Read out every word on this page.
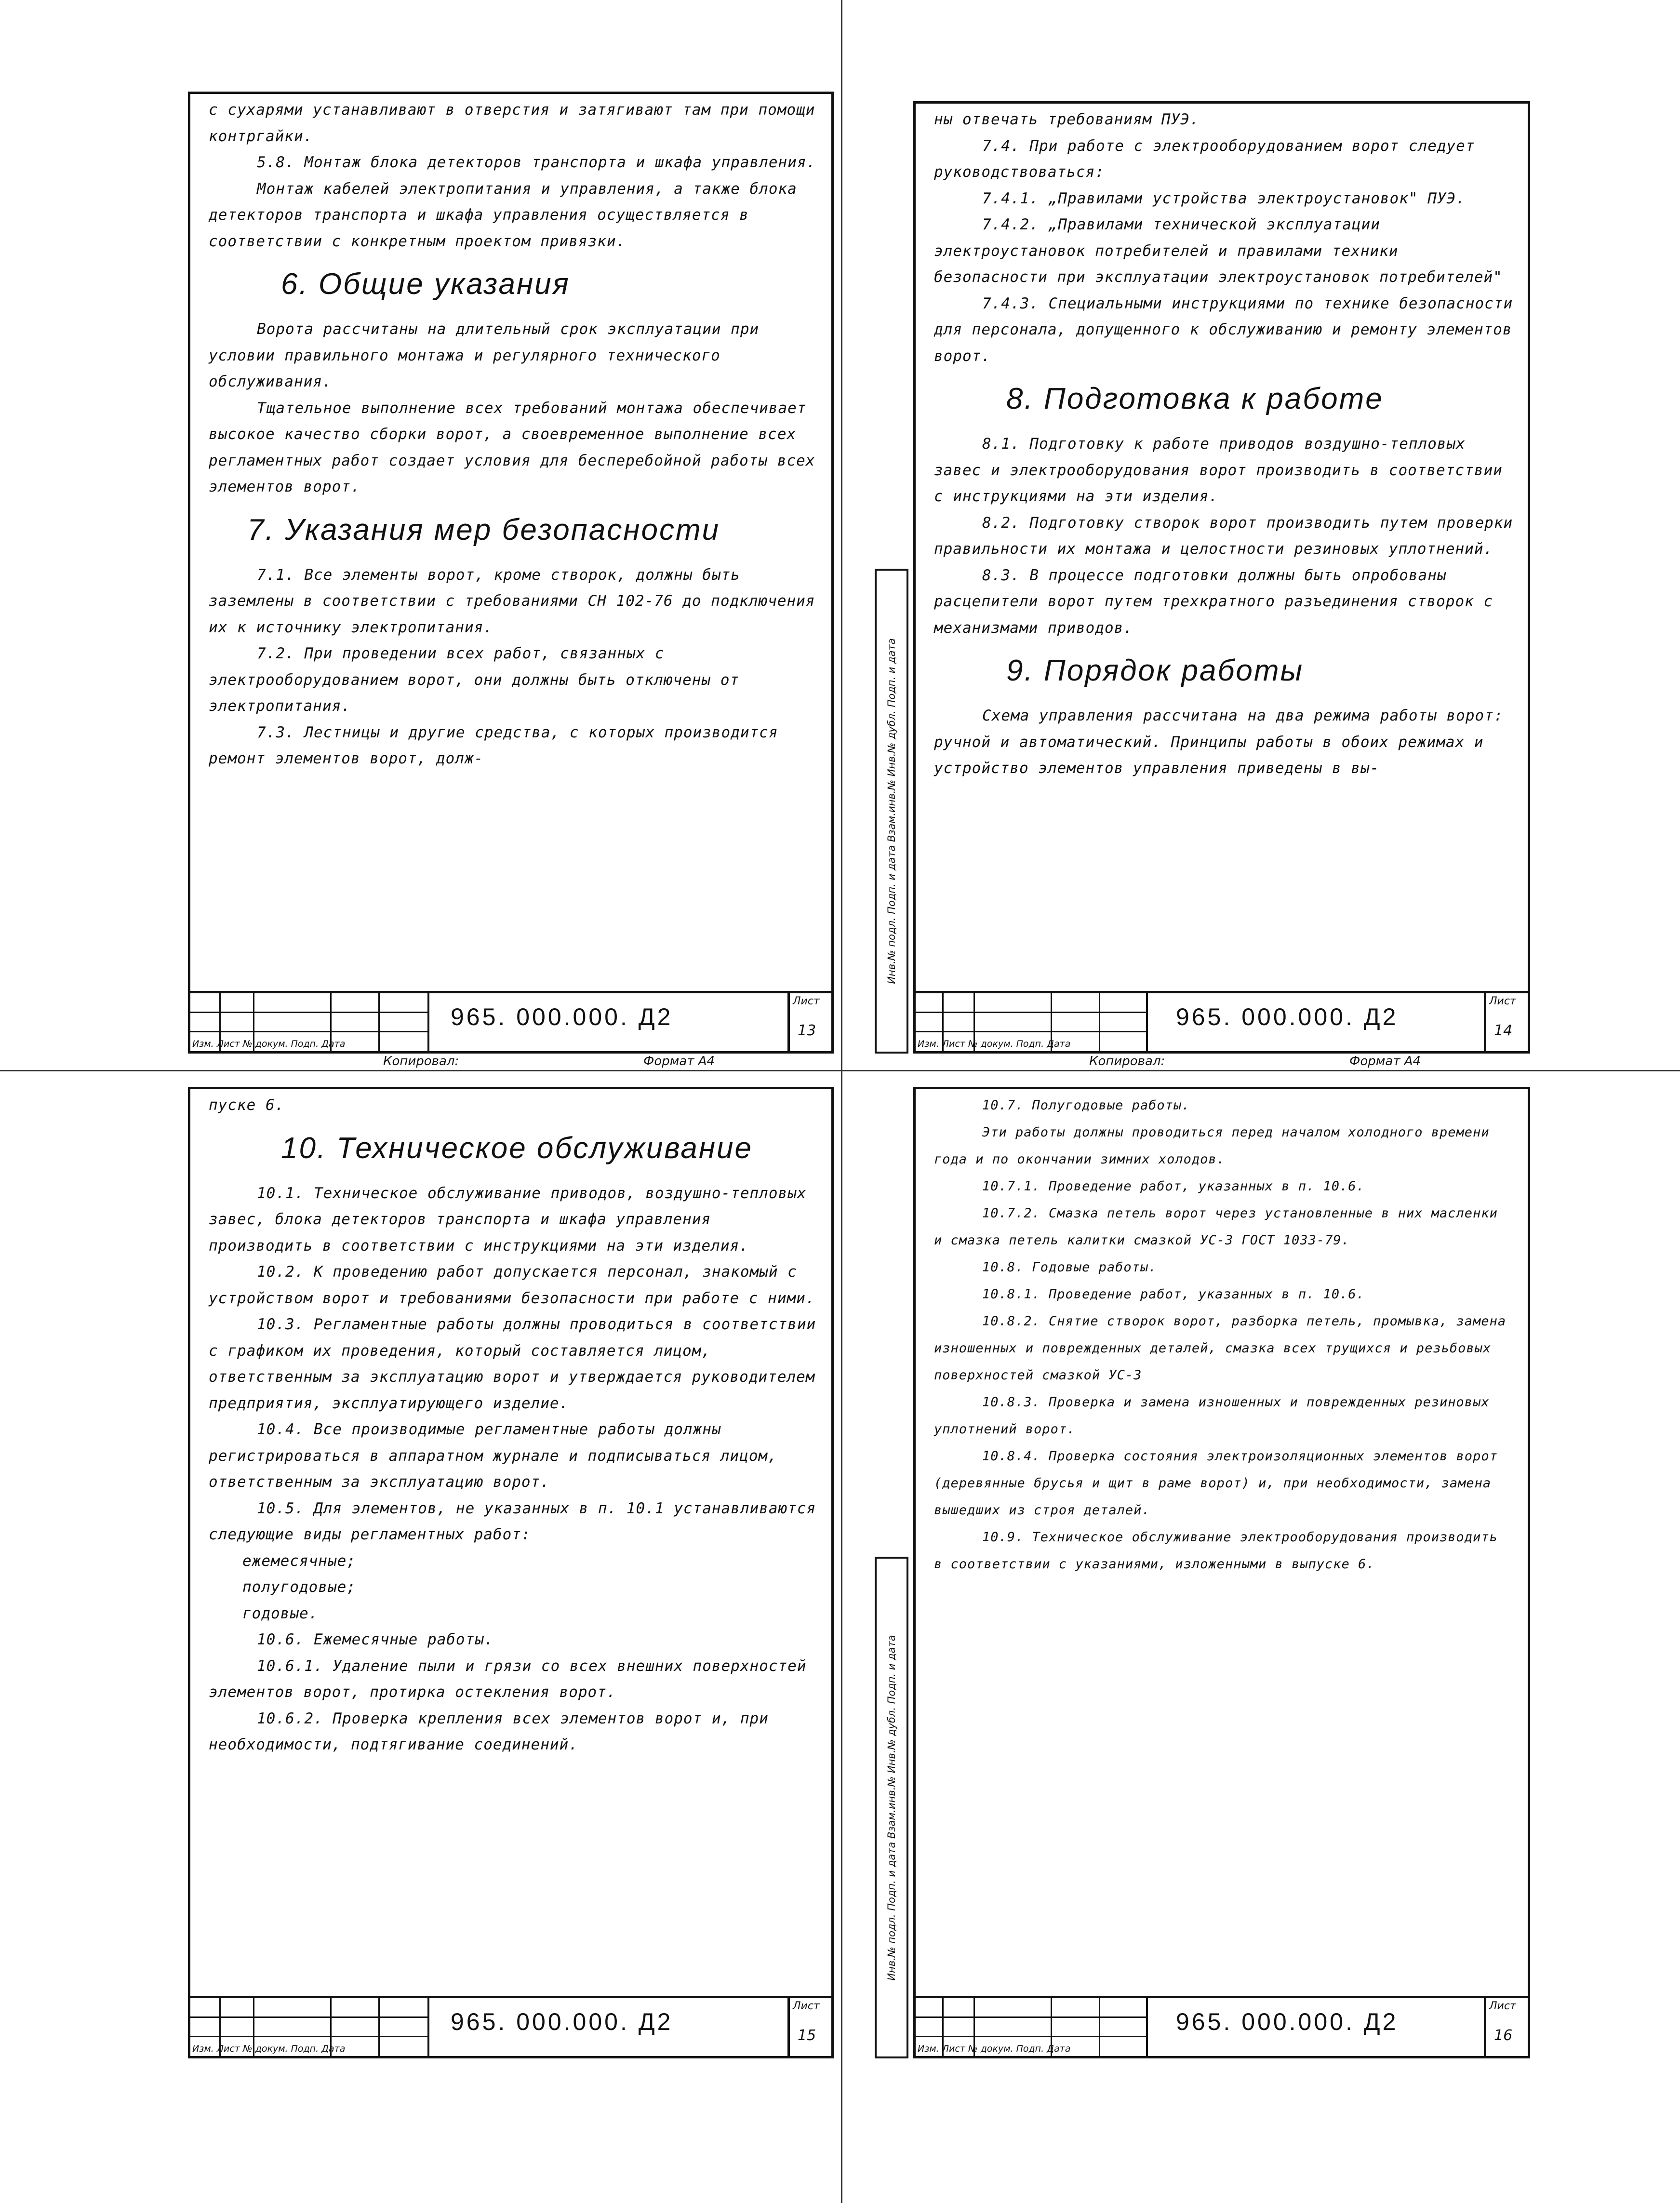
с сухарями устанавливают в отверстия и затягивают там при помощи контргайки.

5.8. Монтаж блока детекторов транспорта и шкафа управления.

Монтаж кабелей электропитания и управления, а также блока детекторов транспорта и шкафа управления осуществляется в соответствии с конкретным проектом привязки.

6. Общие указания

Ворота рассчитаны на длительный срок эксплуатации при условии правильного монтажа и регулярного технического обслуживания.

Тщательное выполнение всех требований монтажа обеспечивает высокое качество сборки ворот, а своевременное выполнение всех регламентных работ создает условия для бесперебойной работы всех элементов ворот.

7. Указания мер безопасности

7.1. Все элементы ворот, кроме створок, должны быть заземлены в соответствии с требованиями СН 102-76 до подключения их к источнику электропитания.

7.2. При проведении всех работ, связанных с электрооборудованием ворот, они должны быть отключены от электропитания.

7.3. Лестницы и другие средства, с которых производится ремонт элементов ворот, долж-

Изм. Лист № докум. Подп. Дата
965. 000.000. Д2
Лист
13
Копировал:	Формат А4
Инв.№ подл. Подп. и дата Взам.инв.№ Инв.№ дубл. Подп. и дата

ны отвечать требованиям ПУЭ.

7.4. При работе с электрооборудованием ворот следует руководствоваться:

7.4.1. „Правилами устройства электроустановок" ПУЭ.

7.4.2. „Правилами технической эксплуатации электроустановок потребителей и правилами техники безопасности при эксплуатации электроустановок потребителей"

7.4.3. Специальными инструкциями по технике безопасности для персонала, допущенного к обслуживанию и ремонту элементов ворот.

8. Подготовка к работе

8.1. Подготовку к работе приводов воздушно-тепловых завес и электрооборудования ворот производить в соответствии с инструкциями на эти изделия.

8.2. Подготовку створок ворот производить путем проверки правильности их монтажа и целостности резиновых уплотнений.

8.3. В процессе подготовки должны быть опробованы расцепители ворот путем трехкратного разъединения створок с механизмами приводов.

9. Порядок работы

Схема управления рассчитана на два режима работы ворот: ручной и автоматический. Принципы работы в обоих режимах и устройство элементов управления приведены в вы-

Изм. Лист № докум. Подп. Дата
965. 000.000. Д2
Лист
14
Копировал:	Формат А4

пуске 6.

10. Техническое обслуживание

10.1. Техническое обслуживание приводов, воздушно-тепловых завес, блока детекторов транспорта и шкафа управления производить в соответствии с инструкциями на эти изделия.

10.2. К проведению работ допускается персонал, знакомый с устройством ворот и требованиями безопасности при работе с ними.

10.3. Регламентные работы должны проводиться в соответствии с графиком их проведения, который составляется лицом, ответственным за эксплуатацию ворот и утверждается руководителем предприятия, эксплуатирующего изделие.

10.4. Все производимые регламентные работы должны регистрироваться в аппаратном журнале и подписываться лицом, ответственным за эксплуатацию ворот.

10.5. Для элементов, не указанных в п. 10.1 устанавливаются следующие виды регламентных работ:

ежемесячные;

полугодовые;

годовые.

10.6. Ежемесячные работы.

10.6.1. Удаление пыли и грязи со всех внешних поверхностей элементов ворот, протирка остекления ворот.

10.6.2. Проверка крепления всех элементов ворот и, при необходимости, подтягивание соединений.

Изм. Лист № докум. Подп. Дата
965. 000.000. Д2
Лист
15
Инв.№ подл. Подп. и дата Взам.инв.№ Инв.№ дубл. Подп. и дата

10.7. Полугодовые работы.

Эти работы должны проводиться перед началом холодного времени года и по окончании зимних холодов.

10.7.1. Проведение работ, указанных в п. 10.6.

10.7.2. Смазка петель ворот через установленные в них масленки и смазка петель калитки смазкой УС-3 ГОСТ 1033-79.

10.8. Годовые работы.

10.8.1. Проведение работ, указанных в п. 10.6.

10.8.2. Снятие створок ворот, разборка петель, промывка, замена изношенных и поврежденных деталей, смазка всех трущихся и резьбовых поверхностей смазкой УС-3

10.8.3. Проверка и замена изношенных и поврежденных резиновых уплотнений ворот.

10.8.4. Проверка состояния электроизоляционных элементов ворот (деревянные брусья и щит в раме ворот) и, при необходимости, замена вышедших из строя деталей.

10.9. Техническое обслуживание электрооборудования производить в соответствии с указаниями, изложенными в выпуске 6.

Изм. Лист № докум. Подп. Дата
965. 000.000. Д2
Лист
16
